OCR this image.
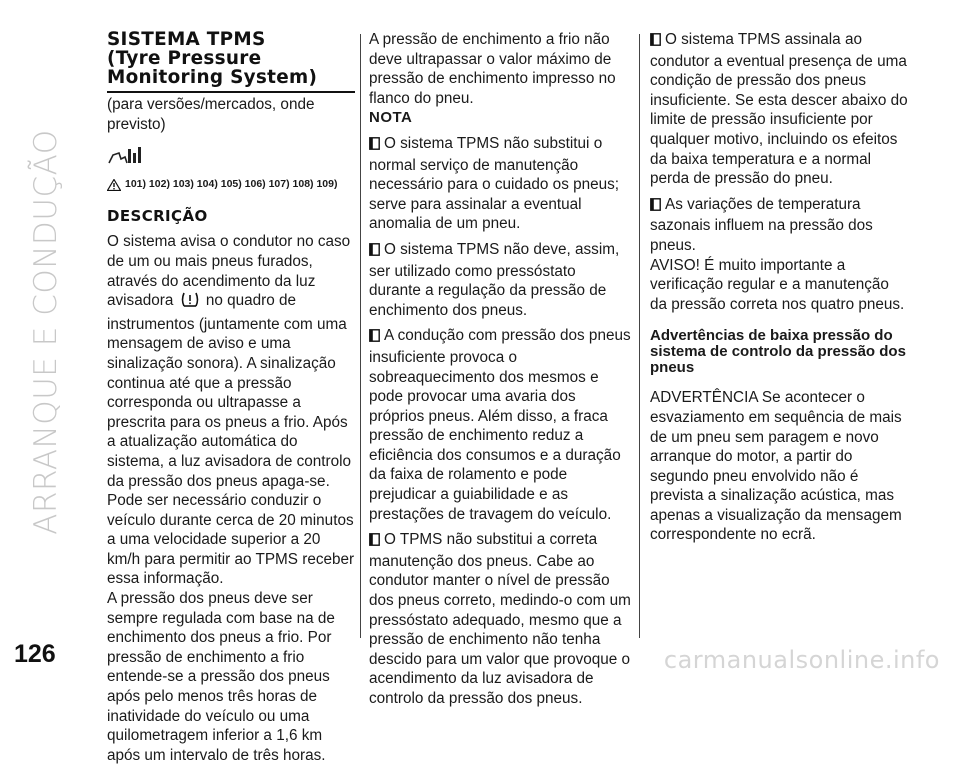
ARRANQUE E CONDUÇÃO
126	carmanualsonline.info
SISTEMA TPMS
(Tyre Pressure
Monitoring System)

(para versões/mercados, onde previsto)

101) 102) 103) 104) 105) 106) 107) 108) 109)
DESCRIÇÃO

O sistema avisa o condutor no caso de um ou mais pneus furados, através do acendimento da luz avisadora no quadro de instrumentos (juntamente com uma mensagem de aviso e uma sinalização sonora). A sinalização continua até que a pressão corresponda ou ultrapasse a prescrita para os pneus a frio. Após a atualização automática do sistema, a luz avisadora de controlo da pressão dos pneus apaga-se. Pode ser necessário conduzir o veículo durante cerca de 20 minutos a uma velocidade superior a 20 km/h para permitir ao TPMS receber essa informação.

A pressão dos pneus deve ser sempre regulada com base na de enchimento dos pneus a frio. Por pressão de enchimento a frio entende-se a pressão dos pneus após pelo menos três horas de inatividade do veículo ou uma quilometragem inferior a 1,6 km após um intervalo de três horas.

A pressão de enchimento a frio não deve ultrapassar o valor máximo de pressão de enchimento impresso no flanco do pneu.

NOTA

O sistema TPMS não substitui o normal serviço de manutenção necessário para o cuidado os pneus; serve para assinalar a eventual anomalia de um pneu.

O sistema TPMS não deve, assim, ser utilizado como pressóstato durante a regulação da pressão de enchimento dos pneus.

A condução com pressão dos pneus insuficiente provoca o sobreaquecimento dos mesmos e pode provocar uma avaria dos próprios pneus. Além disso, a fraca pressão de enchimento reduz a eficiência dos consumos e a duração da faixa de rolamento e pode prejudicar a guiabilidade e as prestações de travagem do veículo.

O TPMS não substitui a correta manutenção dos pneus. Cabe ao condutor manter o nível de pressão dos pneus correto, medindo-o com um pressóstato adequado, mesmo que a pressão de enchimento não tenha descido para um valor que provoque o acendimento da luz avisadora de controlo da pressão dos pneus.

O sistema TPMS assinala ao condutor a eventual presença de uma condição de pressão dos pneus insuficiente. Se esta descer abaixo do limite de pressão insuficiente por qualquer motivo, incluindo os efeitos da baixa temperatura e a normal perda de pressão do pneu.

As variações de temperatura sazonais influem na pressão dos pneus.

AVISO! É muito importante a verificação regular e a manutenção da pressão correta nos quatro pneus.

Advertências de baixa pressão do sistema de controlo da pressão dos pneus

ADVERTÊNCIA Se acontecer o esvaziamento em sequência de mais de um pneu sem paragem e novo arranque do motor, a partir do segundo pneu envolvido não é prevista a sinalização acústica, mas apenas a visualização da mensagem correspondente no ecrã.
